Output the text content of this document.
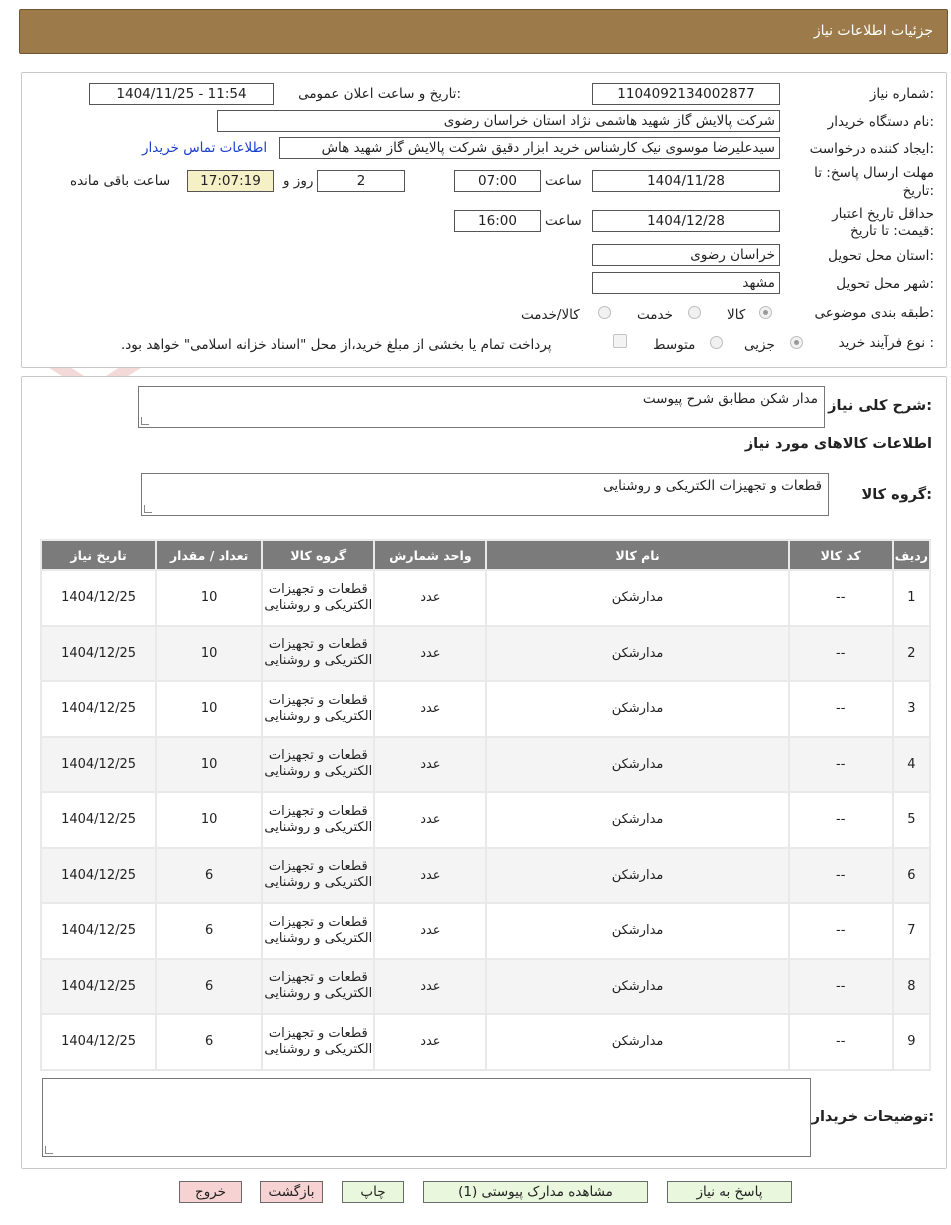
جزئیات اطلاعات نیاز
شماره نیاز:
1104092134002877
تاریخ و ساعت اعلان عمومی:
1404/11/25 - 11:54
نام دستگاه خریدار:
شرکت پالایش گاز شهید هاشمی نژاد استان خراسان رضوی
ایجاد کننده درخواست:
سیدعلیرضا موسوی نیک کارشناس خرید ابزار دقیق شرکت پالایش گاز شهید هاش
اطلاعات تماس خریدار
مهلت ارسال پاسخ: تا
تاریخ:
1404/11/28
ساعت
07:00
2
روز و
17:07:19
ساعت باقی مانده
حداقل تاریخ اعتبار
قیمت: تا تاریخ:
1404/12/28
ساعت
16:00
استان محل تحویل:
خراسان رضوی
شهر محل تحویل:
مشهد
طبقه بندی موضوعی:
کالا
خدمت
کالا/خدمت
نوع فرآیند خرید :
جزیی
متوسط
پرداخت تمام یا بخشی از مبلغ خرید،از محل "اسناد خزانه اسلامی" خواهد بود.
شرح کلی نیاز:
مدار شکن مطابق شرح پیوست
اطلاعات کالاهای مورد نیاز
گروه کالا:
قطعات و تجهیزات الکتریکی و روشنایی
ردیف	کد کالا	نام کالا	واحد شمارش	گروه کالا	تعداد / مقدار	تاریخ نیاز
1	--	مدارشکن	عدد	قطعات و تجهیزات الکتریکی و روشنایی	10	1404/12/25
2	--	مدارشکن	عدد	قطعات و تجهیزات الکتریکی و روشنایی	10	1404/12/25
3	--	مدارشکن	عدد	قطعات و تجهیزات الکتریکی و روشنایی	10	1404/12/25
4	--	مدارشکن	عدد	قطعات و تجهیزات الکتریکی و روشنایی	10	1404/12/25
5	--	مدارشکن	عدد	قطعات و تجهیزات الکتریکی و روشنایی	10	1404/12/25
6	--	مدارشکن	عدد	قطعات و تجهیزات الکتریکی و روشنایی	6	1404/12/25
7	--	مدارشکن	عدد	قطعات و تجهیزات الکتریکی و روشنایی	6	1404/12/25
8	--	مدارشکن	عدد	قطعات و تجهیزات الکتریکی و روشنایی	6	1404/12/25
9	--	مدارشکن	عدد	قطعات و تجهیزات الکتریکی و روشنایی	6	1404/12/25
توضیحات خریدار:
پاسخ به نیاز
مشاهده مدارک پیوستی (1)
چاپ
بازگشت
خروج
